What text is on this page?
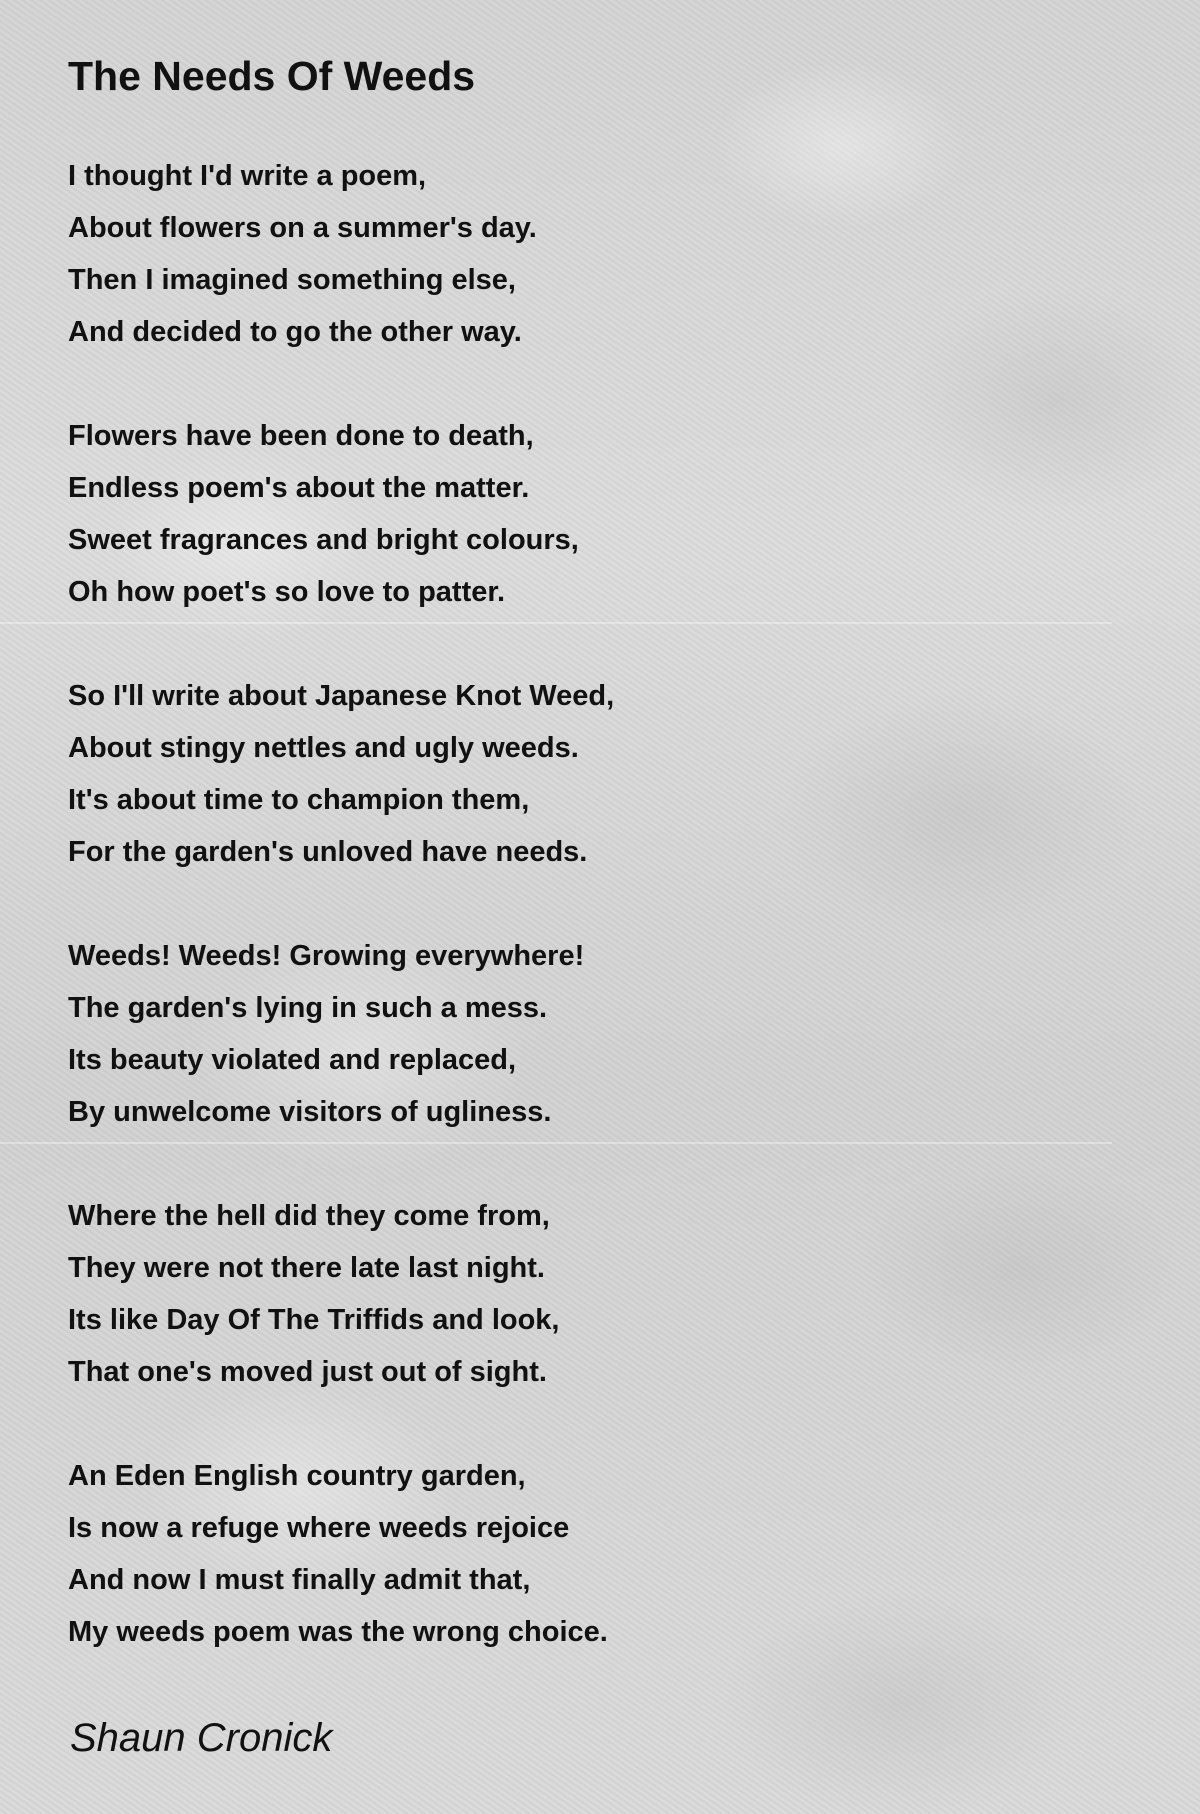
The Needs Of Weeds
I thought I'd write a poem,
About flowers on a summer's day.
Then I imagined something else,
And decided to go the other way.
Flowers have been done to death,
Endless poem's about the matter.
Sweet fragrances and bright colours,
Oh how poet's so love to patter.
So I'll write about Japanese Knot Weed,
About stingy nettles and ugly weeds.
It's about time to champion them,
For the garden's unloved have needs.
Weeds! Weeds! Growing everywhere!
The garden's lying in such a mess.
Its beauty violated and replaced,
By unwelcome visitors of ugliness.
Where the hell did they come from,
They were not there late last night.
Its like Day Of The Triffids and look,
That one's moved just out of sight.
An Eden English country garden,
Is now a refuge where weeds rejoice
And now I must finally admit that,
My weeds poem was the wrong choice.

Shaun Cronick
